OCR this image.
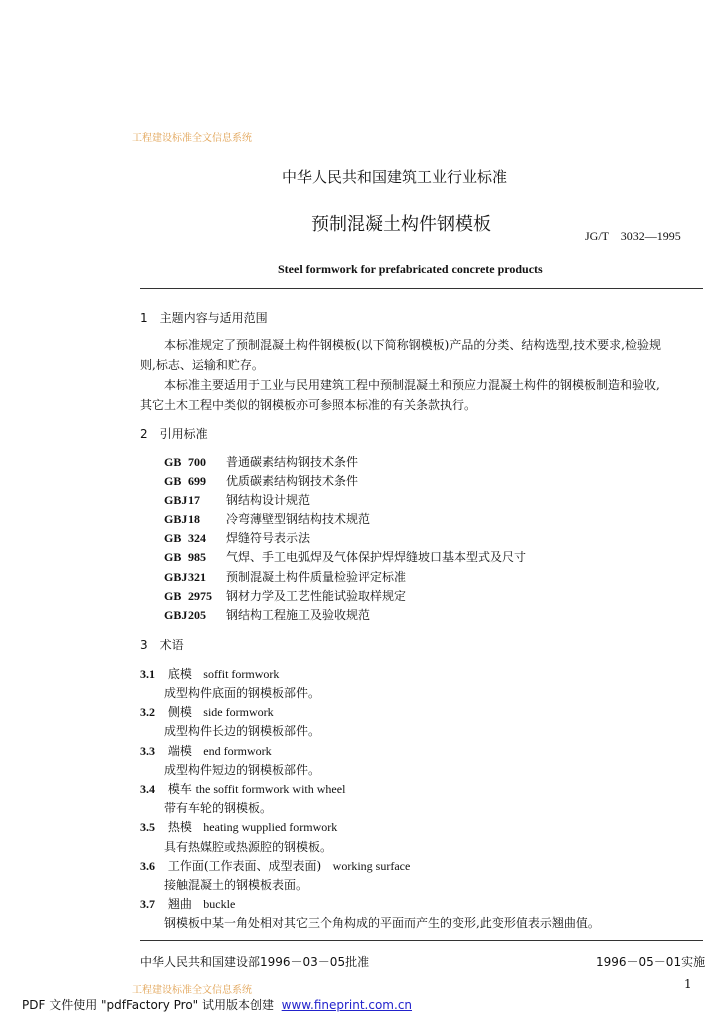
工程建设标准全文信息系统
中华人民共和国建筑工业行业标准
预制混凝土构件钢模板
JG/T　3032—1995
Steel formwork for prefabricated concrete products
1　主题内容与适用范围
本标准规定了预制混凝土构件钢模板(以下简称钢模板)产品的分类、结构选型,技术要求,检验规
则,标志、运输和贮存。
本标准主要适用于工业与民用建筑工程中预制混凝土和预应力混凝土构件的钢模板制造和验收,
其它土木工程中类似的钢模板亦可参照本标准的有关条款执行。
2　引用标准
GB 700 普通碳素结构钢技术条件
GB 699 优质碳素结构钢技术条件
GBJ17 钢结构设计规范
GBJ18 冷弯薄壁型钢结构技术规范
GB 324 焊缝符号表示法
GB 985 气焊、手工电弧焊及气体保护焊焊缝坡口基本型式及尺寸
GBJ321 预制混凝土构件质量检验评定标准
GB 2975 钢材力学及工艺性能试验取样规定
GBJ205 钢结构工程施工及验收规范
3　术语
3.1 底模 soffit formwork
成型构件底面的钢模板部件。
3.2 侧模 side formwork
成型构件长边的钢模板部件。
3.3 端模 end formwork
成型构件短边的钢模板部件。
3.4 模车 the soffit formwork with wheel
带有车轮的钢模板。
3.5 热模 heating wupplied formwork
具有热媒腔或热源腔的钢模板。
3.6 工作面(工作表面、成型表面) working surface
接触混凝土的钢模板表面。
3.7 翘曲 buckle
钢模板中某一角处相对其它三个角构成的平面而产生的变形,此变形值表示翘曲值。
中华人民共和国建设部1996－03－05批准	1996－05－01实施
1
工程建设标准全文信息系统
PDF 文件使用 "pdfFactory Pro" 试用版本创建 www.fineprint.com.cn
